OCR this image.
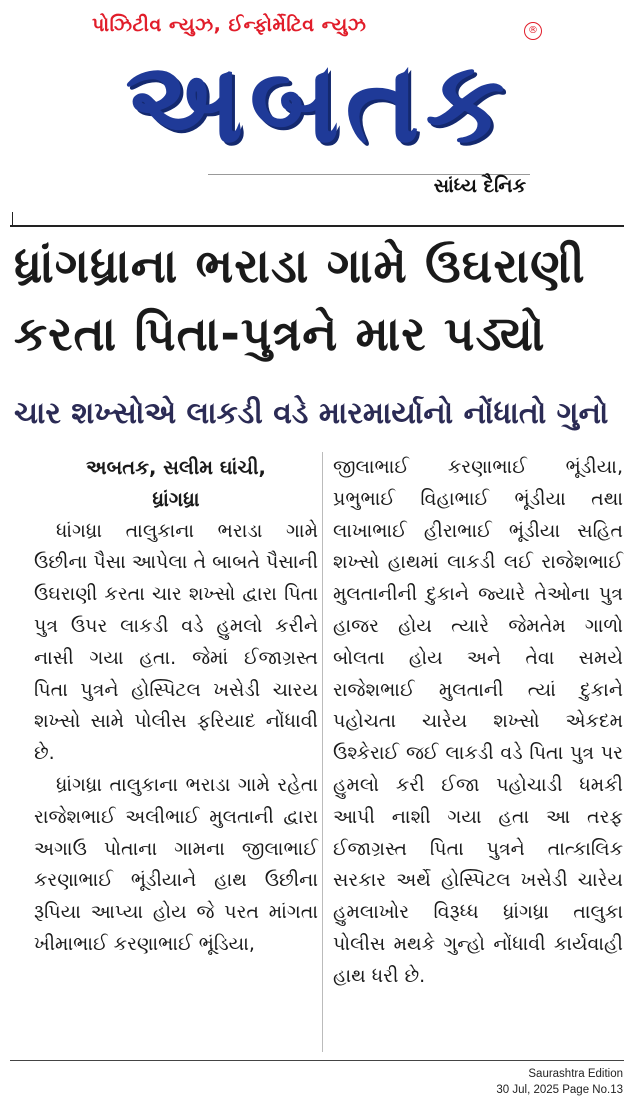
પોઝિટીવ ન્યુઝ, ઈન્ફોર્મેટિવ ન્યુઝ	®
અબતક
સાંધ્ય દૈનિક
ધ્રાંગધ્રાના ભરાડા ગામે ઉઘરાણી
કરતા પિતા-પુત્રને માર પડ્યો
ચાર શખ્સોએ લાકડી વડે મારમાર્યાનો નોંધાતો ગુનો
અબતક, સલીમ ઘાંચી,
ધ્રાંગધ્રા

ધાંગધ્રા તાલુકાના ભરાડા ગામે ઉછીના પૈસા આપેલા તે બાબતે પૈસાની ઉઘરાણી કરતા ચાર શખ્સો દ્વારા પિતા પુત્ર ઉપર લાકડી વડે હુમલો કરીને નાસી ગયા હતા. જેમાં ઈજાગ્રસ્ત પિતા પુત્રને હોસ્પિટલ ખસેડી ચારય શખ્સો સામે પોલીસ ફરિયાદ નોંધાવી છે.

ધ્રાંગધ્રા તાલુકાના ભરાડા ગામે રહેતા રાજેશભાઈ અલીભાઈ મુલતાની દ્વારા અગાઉ પોતાના ગામના જીલાભાઈ કરણાભાઈ ભૂંડીયાને હાથ ઉછીના રૂપિયા આપ્યા હોય જે પરત માંગતા ખીમાભાઈ કરણાભાઈ ભૂંડિયા,

જીલાભાઈ કરણાભાઈ ભૂંડીયા, પ્રભુભાઈ વિહાભાઈ ભૂંડીયા તથા લાખાભાઈ હીરાભાઈ ભૂંડીયા સહિત શખ્સો હાથમાં લાકડી લઈ રાજેશભાઈ મુલતાનીની દુકાને જ્યારે તેઓના પુત્ર હાજર હોય ત્યારે જેમતેમ ગાળો બોલતા હોય અને તેવા સમયે રાજેશભાઈ મુલતાની ત્યાં દુકાને પહોચતા ચારેય શખ્સો એકદમ ઉશ્કેરાઈ જઈ લાકડી વડે પિતા પુત્ર પર હુમલો કરી ઈજા પહોચાડી ધમકી આપી નાશી ગયા હતા આ તરફ ઈજાગ્રસ્ત પિતા પુત્રને તાત્કાલિક સરકાર અર્થે હોસ્પિટલ ખસેડી ચારેય હુમલાખોર વિરૂધ્ધ ધ્રાંગધ્રા તાલુકા પોલીસ મથકે ગુન્હો નોંધાવી કાર્યવાહી હાથ ધરી છે.

Saurashtra Edition
30 Jul, 2025 Page No.13
